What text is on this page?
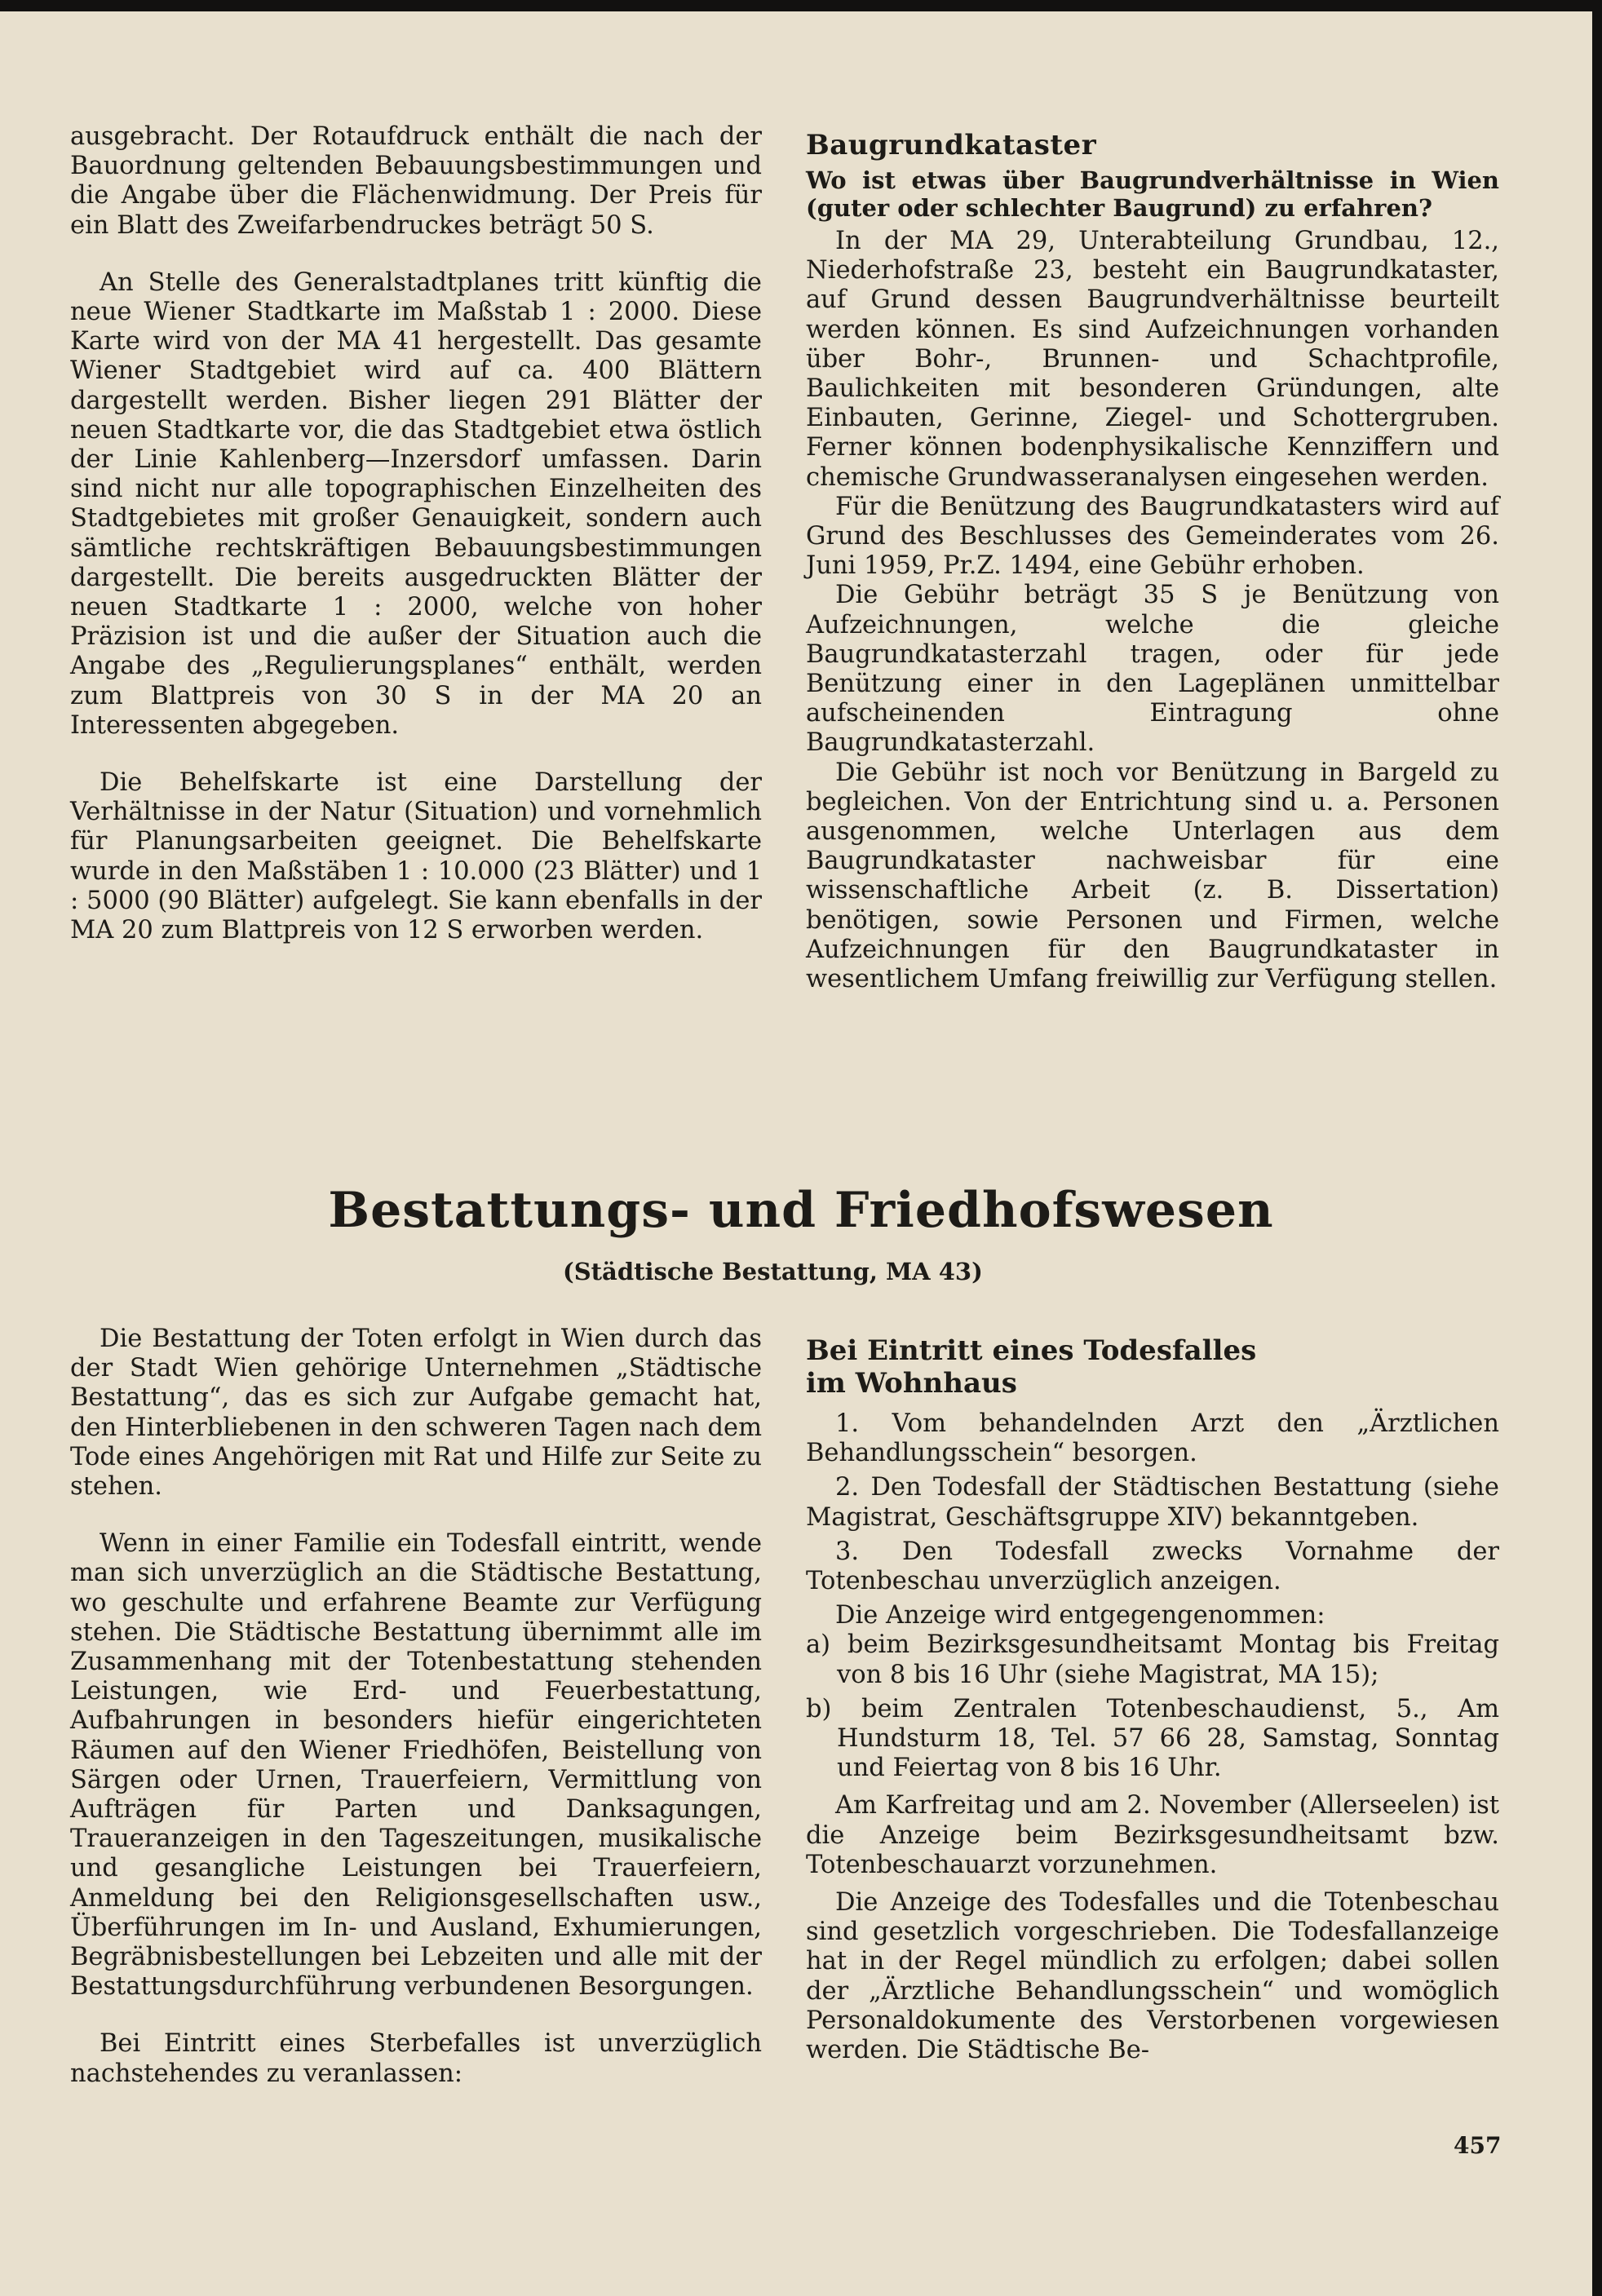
ausgebracht. Der Rotaufdruck enthält die nach der Bauordnung geltenden Bebauungsbestimmungen und die Angabe über die Flächenwidmung. Der Preis für ein Blatt des Zweifarbendruckes beträgt 50 S.

An Stelle des Generalstadtplanes tritt künftig die neue Wiener Stadtkarte im Maßstab 1 : 2000. Diese Karte wird von der MA 41 hergestellt. Das gesamte Wiener Stadtgebiet wird auf ca. 400 Blättern dargestellt werden. Bisher liegen 291 Blätter der neuen Stadtkarte vor, die das Stadtgebiet etwa östlich der Linie Kahlenberg—Inzersdorf umfassen. Darin sind nicht nur alle topographischen Einzelheiten des Stadtgebietes mit großer Genauigkeit, sondern auch sämtliche rechtskräftigen Bebauungsbestimmungen dargestellt. Die bereits ausgedruckten Blätter der neuen Stadtkarte 1 : 2000, welche von hoher Präzision ist und die außer der Situation auch die Angabe des „Regulierungsplanes“ enthält, werden zum Blattpreis von 30 S in der MA 20 an Interessenten abgegeben.

Die Behelfskarte ist eine Darstellung der Verhältnisse in der Natur (Situation) und vornehmlich für Planungsarbeiten geeignet. Die Behelfskarte wurde in den Maßstäben 1 : 10.000 (23 Blätter) und 1 : 5000 (90 Blätter) aufgelegt. Sie kann ebenfalls in der MA 20 zum Blattpreis von 12 S erworben werden.

Baugrundkataster

Wo ist etwas über Baugrundverhältnisse in Wien (guter oder schlechter Baugrund) zu erfahren?

In der MA 29, Unterabteilung Grundbau, 12., Niederhofstraße 23, besteht ein Baugrundkataster, auf Grund dessen Baugrundverhältnisse beurteilt werden können. Es sind Aufzeichnungen vorhanden über Bohr-, Brunnen- und Schachtprofile, Baulichkeiten mit besonderen Gründungen, alte Einbauten, Gerinne, Ziegel- und Schottergruben. Ferner können bodenphysikalische Kennziffern und chemische Grundwasseranalysen eingesehen werden.

Für die Benützung des Baugrundkatasters wird auf Grund des Beschlusses des Gemeinderates vom 26. Juni 1959, Pr.Z. 1494, eine Gebühr erhoben.

Die Gebühr beträgt 35 S je Benützung von Aufzeichnungen, welche die gleiche Baugrundkatasterzahl tragen, oder für jede Benützung einer in den Lageplänen unmittelbar aufscheinenden Eintragung ohne Baugrundkatasterzahl.

Die Gebühr ist noch vor Benützung in Bargeld zu begleichen. Von der Entrichtung sind u. a. Personen ausgenommen, welche Unterlagen aus dem Baugrundkataster nachweisbar für eine wissenschaftliche Arbeit (z. B. Dissertation) benötigen, sowie Personen und Firmen, welche Aufzeichnungen für den Baugrundkataster in wesentlichem Umfang freiwillig zur Verfügung stellen.

Bestattungs- und Friedhofswesen
(Städtische Bestattung, MA 43)

Die Bestattung der Toten erfolgt in Wien durch das der Stadt Wien gehörige Unternehmen „Städtische Bestattung“, das es sich zur Aufgabe gemacht hat, den Hinterbliebenen in den schweren Tagen nach dem Tode eines Angehörigen mit Rat und Hilfe zur Seite zu stehen.

Wenn in einer Familie ein Todesfall eintritt, wende man sich unverzüglich an die Städtische Bestattung, wo geschulte und erfahrene Beamte zur Verfügung stehen. Die Städtische Bestattung übernimmt alle im Zusammenhang mit der Totenbestattung stehenden Leistungen, wie Erd- und Feuerbestattung, Aufbahrungen in besonders hiefür eingerichteten Räumen auf den Wiener Friedhöfen, Beistellung von Särgen oder Urnen, Trauerfeiern, Vermittlung von Aufträgen für Parten und Danksagungen, Traueranzeigen in den Tageszeitungen, musikalische und gesangliche Leistungen bei Trauerfeiern, Anmeldung bei den Religionsgesellschaften usw., Überführungen im In- und Ausland, Exhumierungen, Begräbnisbestellungen bei Lebzeiten und alle mit der Bestattungsdurchführung verbundenen Besorgungen.

Bei Eintritt eines Sterbefalles ist unverzüglich nachstehendes zu veranlassen:

Bei Eintritt eines Todesfalles
im Wohnhaus

1. Vom behandelnden Arzt den „Ärztlichen Behandlungsschein“ besorgen.

2. Den Todesfall der Städtischen Bestattung (siehe Magistrat, Geschäftsgruppe XIV) bekanntgeben.

3. Den Todesfall zwecks Vornahme der Totenbeschau unverzüglich anzeigen.

Die Anzeige wird entgegengenommen:

a) beim Bezirksgesundheitsamt Montag bis Freitag von 8 bis 16 Uhr (siehe Magistrat, MA 15);

b) beim Zentralen Totenbeschaudienst, 5., Am Hundsturm 18, Tel. 57 66 28, Samstag, Sonntag und Feiertag von 8 bis 16 Uhr.

Am Karfreitag und am 2. November (Allerseelen) ist die Anzeige beim Bezirksgesundheitsamt bzw. Totenbeschauarzt vorzunehmen.

Die Anzeige des Todesfalles und die Totenbeschau sind gesetzlich vorgeschrieben. Die Todesfallanzeige hat in der Regel mündlich zu erfolgen; dabei sollen der „Ärztliche Behandlungsschein“ und womöglich Personaldokumente des Verstorbenen vorgewiesen werden. Die Städtische Be-

457
